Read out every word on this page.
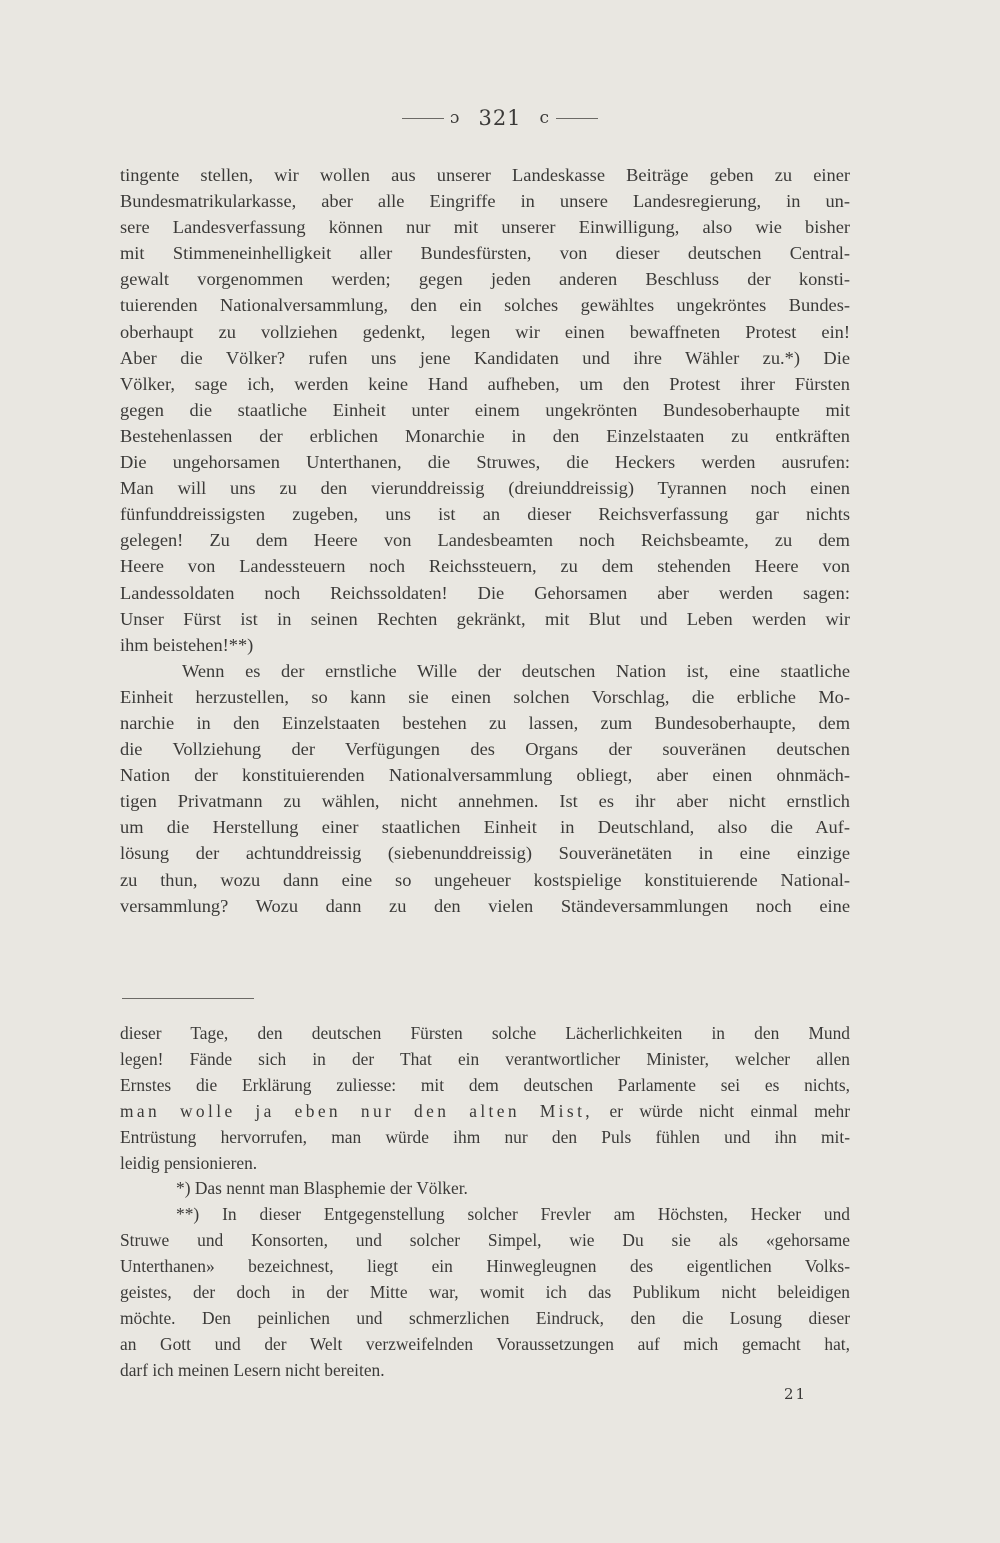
ɔ 321 c

tingente stellen, wir wollen aus unserer Landeskasse Beiträge geben zu einer
Bundesmatrikularkasse, aber alle Eingriffe in unsere Landesregierung, in un-
sere Landesverfassung können nur mit unserer Einwilligung, also wie bisher
mit Stimmeneinhelligkeit aller Bundesfürsten, von dieser deutschen Central-
gewalt vorgenommen werden; gegen jeden anderen Beschluss der konsti-
tuierenden Nationalversammlung, den ein solches gewähltes ungekröntes Bundes-
oberhaupt zu vollziehen gedenkt, legen wir einen bewaffneten Protest ein!
Aber die Völker? rufen uns jene Kandidaten und ihre Wähler zu.*) Die
Völker, sage ich, werden keine Hand aufheben, um den Protest ihrer Fürsten
gegen die staatliche Einheit unter einem ungekrönten Bundesoberhaupte mit
Bestehenlassen der erblichen Monarchie in den Einzelstaaten zu entkräften
Die ungehorsamen Unterthanen, die Struwes, die Heckers werden ausrufen:
Man will uns zu den vierunddreissig (dreiunddreissig) Tyrannen noch einen
fünfunddreissigsten zugeben, uns ist an dieser Reichsverfassung gar nichts
gelegen! Zu dem Heere von Landesbeamten noch Reichsbeamte, zu dem
Heere von Landessteuern noch Reichssteuern, zu dem stehenden Heere von
Landessoldaten noch Reichssoldaten! Die Gehorsamen aber werden sagen:
Unser Fürst ist in seinen Rechten gekränkt, mit Blut und Leben werden wir
ihm beistehen!**)

Wenn es der ernstliche Wille der deutschen Nation ist, eine staatliche
Einheit herzustellen, so kann sie einen solchen Vorschlag, die erbliche Mo-
narchie in den Einzelstaaten bestehen zu lassen, zum Bundesoberhaupte, dem
die Vollziehung der Verfügungen des Organs der souveränen deutschen
Nation der konstituierenden Nationalversammlung obliegt, aber einen ohnmäch-
tigen Privatmann zu wählen, nicht annehmen. Ist es ihr aber nicht ernstlich
um die Herstellung einer staatlichen Einheit in Deutschland, also die Auf-
lösung der achtunddreissig (siebenunddreissig) Souveränetäten in eine einzige
zu thun, wozu dann eine so ungeheuer kostspielige konstituierende National-
versammlung? Wozu dann zu den vielen Ständeversammlungen noch eine

dieser Tage, den deutschen Fürsten solche Lächerlichkeiten in den Mund
legen! Fände sich in der That ein verantwortlicher Minister, welcher allen
Ernstes die Erklärung zuliesse: mit dem deutschen Parlamente sei es nichts,
man wolle ja eben nur den alten Mist, er würde nicht einmal mehr
Entrüstung hervorrufen, man würde ihm nur den Puls fühlen und ihn mit-
leidig pensionieren.
*) Das nennt man Blasphemie der Völker.
**) In dieser Entgegenstellung solcher Frevler am Höchsten, Hecker und
Struwe und Konsorten, und solcher Simpel, wie Du sie als «gehorsame
Unterthanen» bezeichnest, liegt ein Hinwegleugnen des eigentlichen Volks-
geistes, der doch in der Mitte war, womit ich das Publikum nicht beleidigen
möchte. Den peinlichen und schmerzlichen Eindruck, den die Losung dieser
an Gott und der Welt verzweifelnden Voraussetzungen auf mich gemacht hat,
darf ich meinen Lesern nicht bereiten.
21
